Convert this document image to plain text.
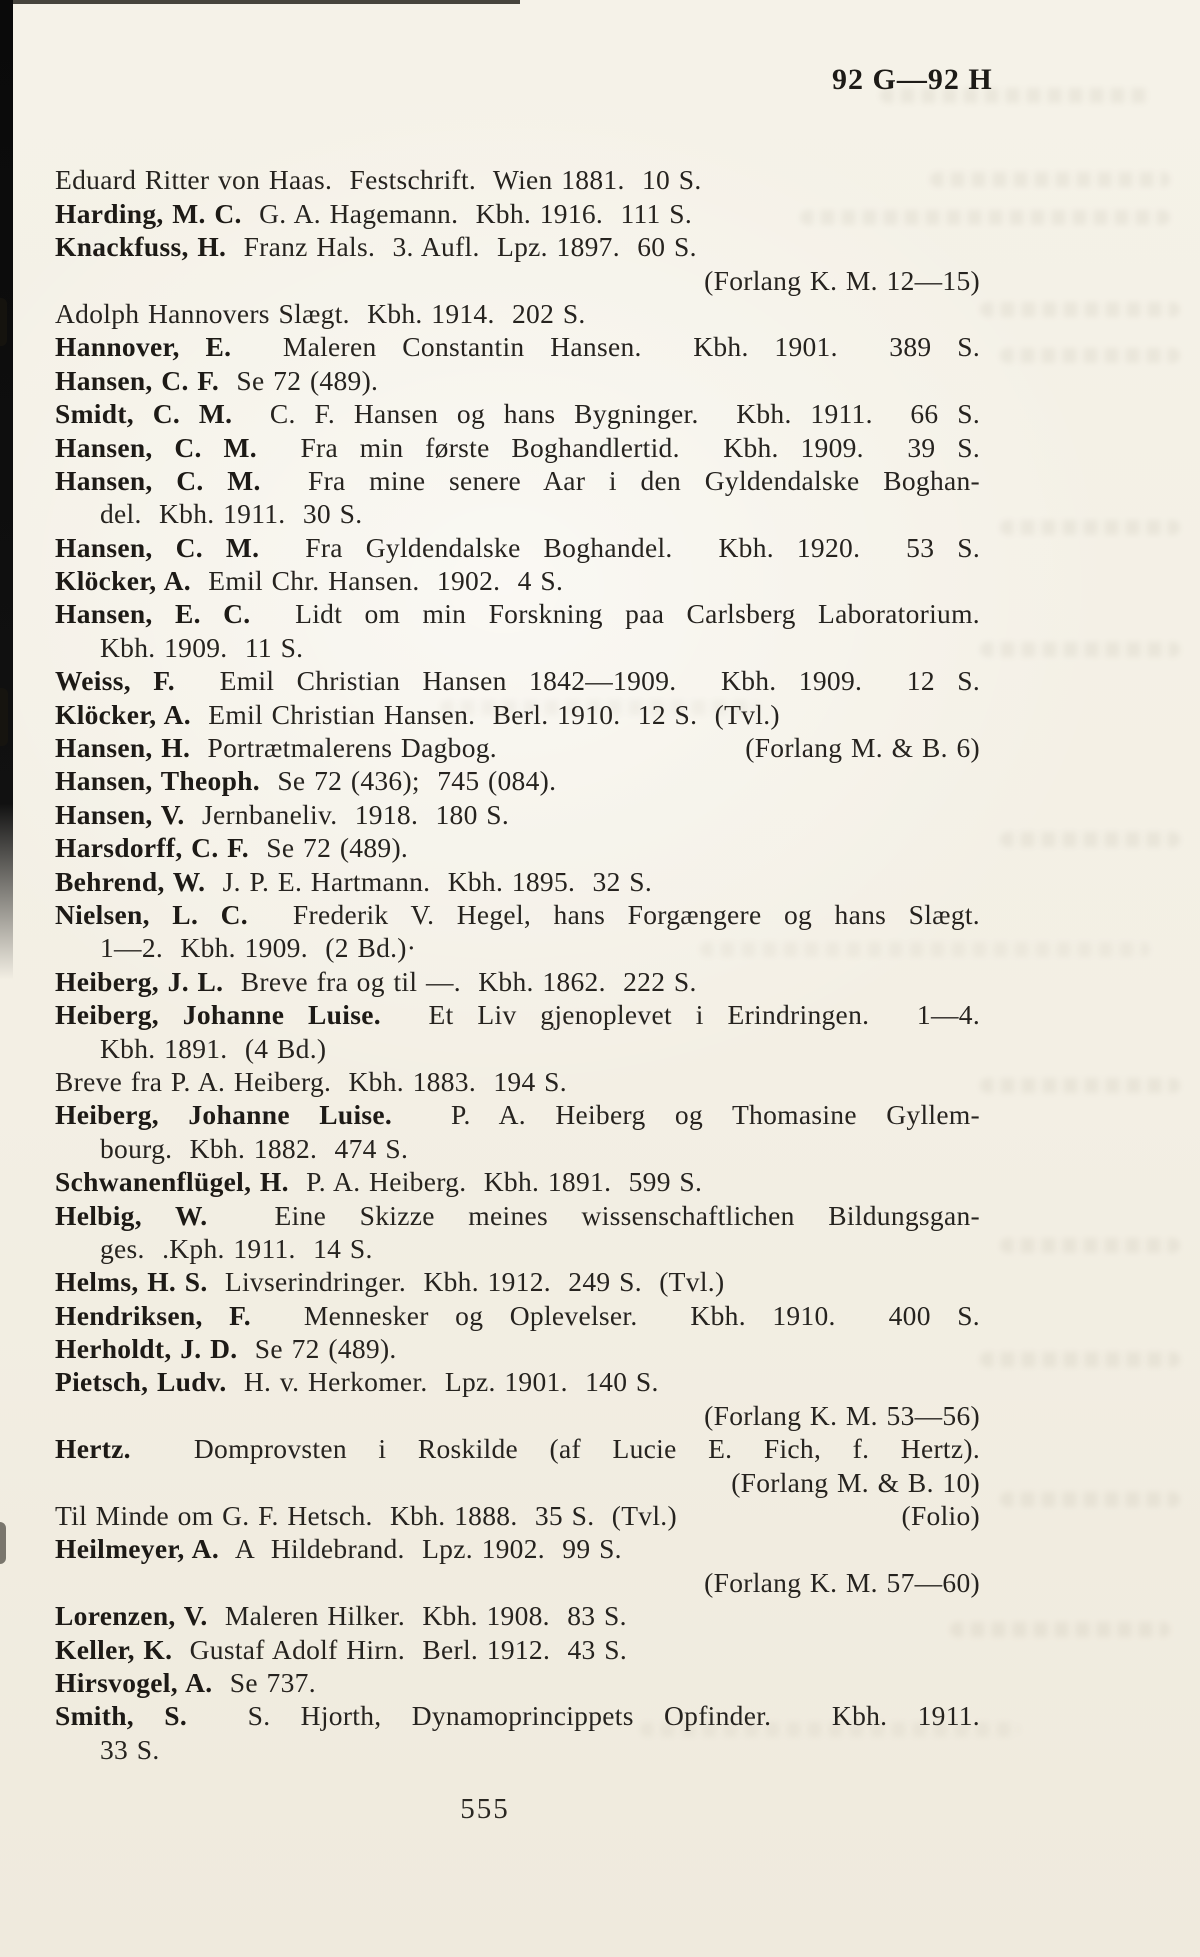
92 G—92 H

Eduard Ritter von Haas.  Festschrift.  Wien 1881.  10 S.
Harding, M. C. G. A. Hagemann.  Kbh. 1916.  111 S.
Knackfuss, H. Franz Hals.  3. Aufl.  Lpz. 1897.  60 S.
(Forlang K. M. 12—15)
Adolph Hannovers Slægt.  Kbh. 1914.  202 S.
Hannover, E. Maleren Constantin Hansen.  Kbh. 1901.  389 S.
Hansen, C. F. Se 72 (489).
Smidt, C. M. C. F. Hansen og hans Bygninger.  Kbh. 1911.  66 S.
Hansen, C. M. Fra min første Boghandlertid.  Kbh. 1909.  39 S.
Hansen, C. M. Fra mine senere Aar i den Gyldendalske Boghan-
del.  Kbh. 1911.  30 S.
Hansen, C. M. Fra Gyldendalske Boghandel.  Kbh. 1920.  53 S.
Klöcker, A. Emil Chr. Hansen.  1902.  4 S.
Hansen, E. C. Lidt om min Forskning paa Carlsberg Laboratorium.
Kbh. 1909.  11 S.
Weiss, F. Emil Christian Hansen 1842—1909.  Kbh. 1909.  12 S.
Klöcker, A. Emil Christian Hansen.  Berl. 1910.  12 S.  (Tvl.)
Hansen, H. Portrætmalerens Dagbog.	(Forlang M. & B. 6)
Hansen, Theoph. Se 72 (436);  745 (084).
Hansen, V. Jernbaneliv.  1918.  180 S.
Harsdorff, C. F. Se 72 (489).
Behrend, W. J. P. E. Hartmann.  Kbh. 1895.  32 S.
Nielsen, L. C. Frederik V. Hegel, hans Forgængere og hans Slægt.
1—2.  Kbh. 1909.  (2 Bd.)·
Heiberg, J. L. Breve fra og til —.  Kbh. 1862.  222 S.
Heiberg, Johanne Luise. Et Liv gjenoplevet i Erindringen.  1—4.
Kbh. 1891.  (4 Bd.)
Breve fra P. A. Heiberg.  Kbh. 1883.  194 S.
Heiberg, Johanne Luise. P. A. Heiberg og Thomasine Gyllem-
bourg.  Kbh. 1882.  474 S.
Schwanenflügel, H. P. A. Heiberg.  Kbh. 1891.  599 S.
Helbig, W. Eine Skizze meines wissenschaftlichen Bildungsgan-
ges.  .Kph. 1911.  14 S.
Helms, H. S. Livserindringer.  Kbh. 1912.  249 S.  (Tvl.)
Hendriksen, F. Mennesker og Oplevelser.  Kbh. 1910.  400 S.
Herholdt, J. D. Se 72 (489).
Pietsch, Ludv. H. v. Herkomer.  Lpz. 1901.  140 S.
(Forlang K. M. 53—56)
Hertz. Domprovsten i Roskilde (af Lucie E. Fich, f. Hertz).
(Forlang M. & B. 10)
Til Minde om G. F. Hetsch.  Kbh. 1888.  35 S.  (Tvl.)	(Folio)
Heilmeyer, A. A  Hildebrand.  Lpz. 1902.  99 S.
(Forlang K. M. 57—60)
Lorenzen, V. Maleren Hilker.  Kbh. 1908.  83 S.
Keller, K. Gustaf Adolf Hirn.  Berl. 1912.  43 S.
Hirsvogel, A. Se 737.
Smith, S. S. Hjorth, Dynamoprincippets Opfinder.  Kbh. 1911.
33 S.
555
